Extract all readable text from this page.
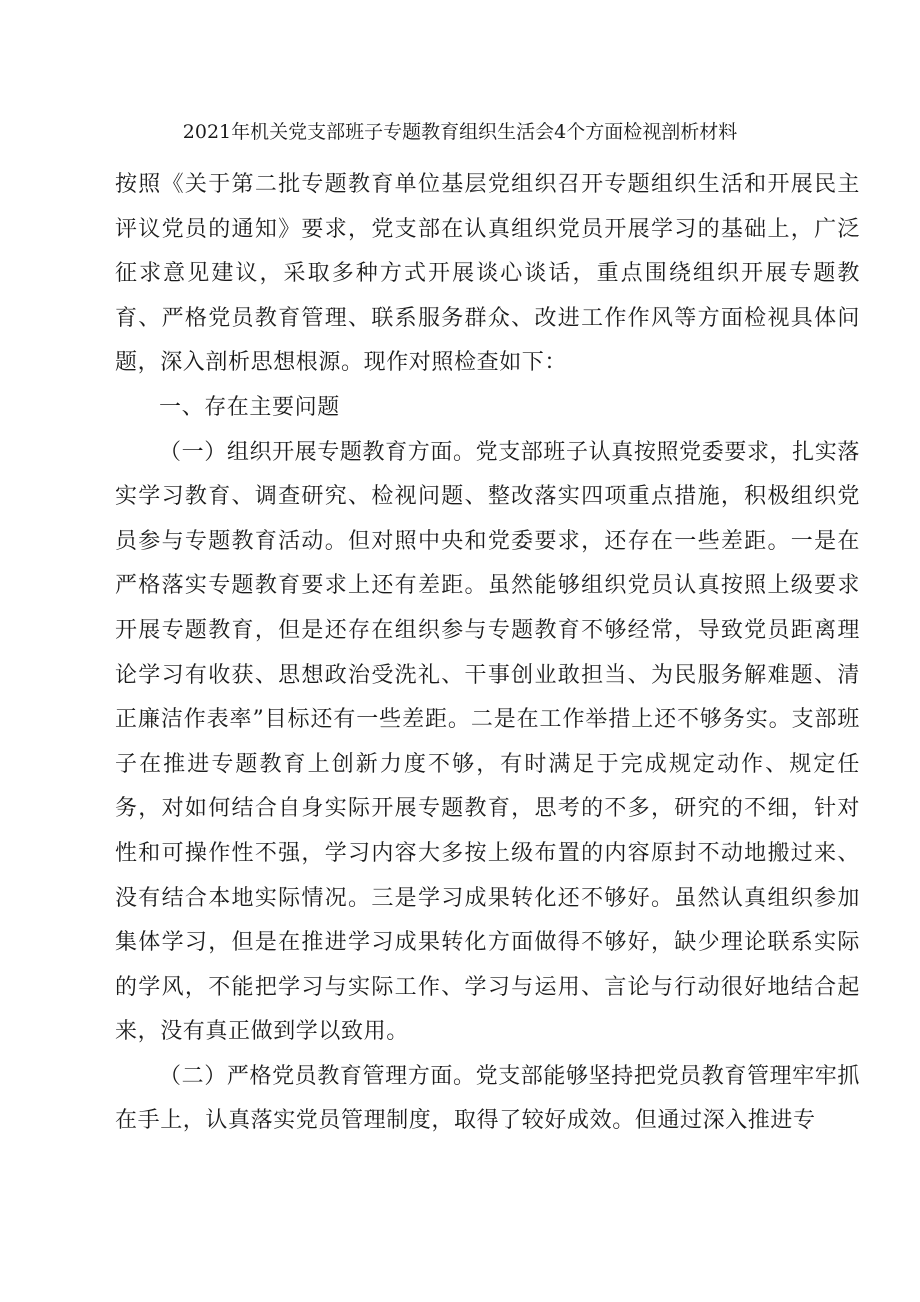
2021年机关党支部班子专题教育组织生活会4个方面检视剖析材料

按照《关于第二批专题教育单位基层党组织召开专题组织生活和开展民主评议党员的通知》要求，党支部在认真组织党员开展学习的基础上，广泛征求意见建议，采取多种方式开展谈心谈话，重点围绕组织开展专题教育、严格党员教育管理、联系服务群众、改进工作作风等方面检视具体问题，深入剖析思想根源。现作对照检查如下：

一、存在主要问题

（一）组织开展专题教育方面。党支部班子认真按照党委要求，扎实落实学习教育、调查研究、检视问题、整改落实四项重点措施，积极组织党员参与专题教育活动。但对照中央和党委要求，还存在一些差距。一是在严格落实专题教育要求上还有差距。虽然能够组织党员认真按照上级要求开展专题教育，但是还存在组织参与专题教育不够经常，导致党员距离理论学习有收获、思想政治受洗礼、干事创业敢担当、为民服务解难题、清正廉洁作表率”目标还有一些差距。二是在工作举措上还不够务实。支部班子在推进专题教育上创新力度不够，有时满足于完成规定动作、规定任务，对如何结合自身实际开展专题教育，思考的不多，研究的不细，针对性和可操作性不强，学习内容大多按上级布置的内容原封不动地搬过来、没有结合本地实际情况。三是学习成果转化还不够好。虽然认真组织参加集体学习，但是在推进学习成果转化方面做得不够好，缺少理论联系实际的学风，不能把学习与实际工作、学习与运用、言论与行动很好地结合起来，没有真正做到学以致用。

（二）严格党员教育管理方面。党支部能够坚持把党员教育管理牢牢抓在手上，认真落实党员管理制度，取得了较好成效。但通过深入推进专
